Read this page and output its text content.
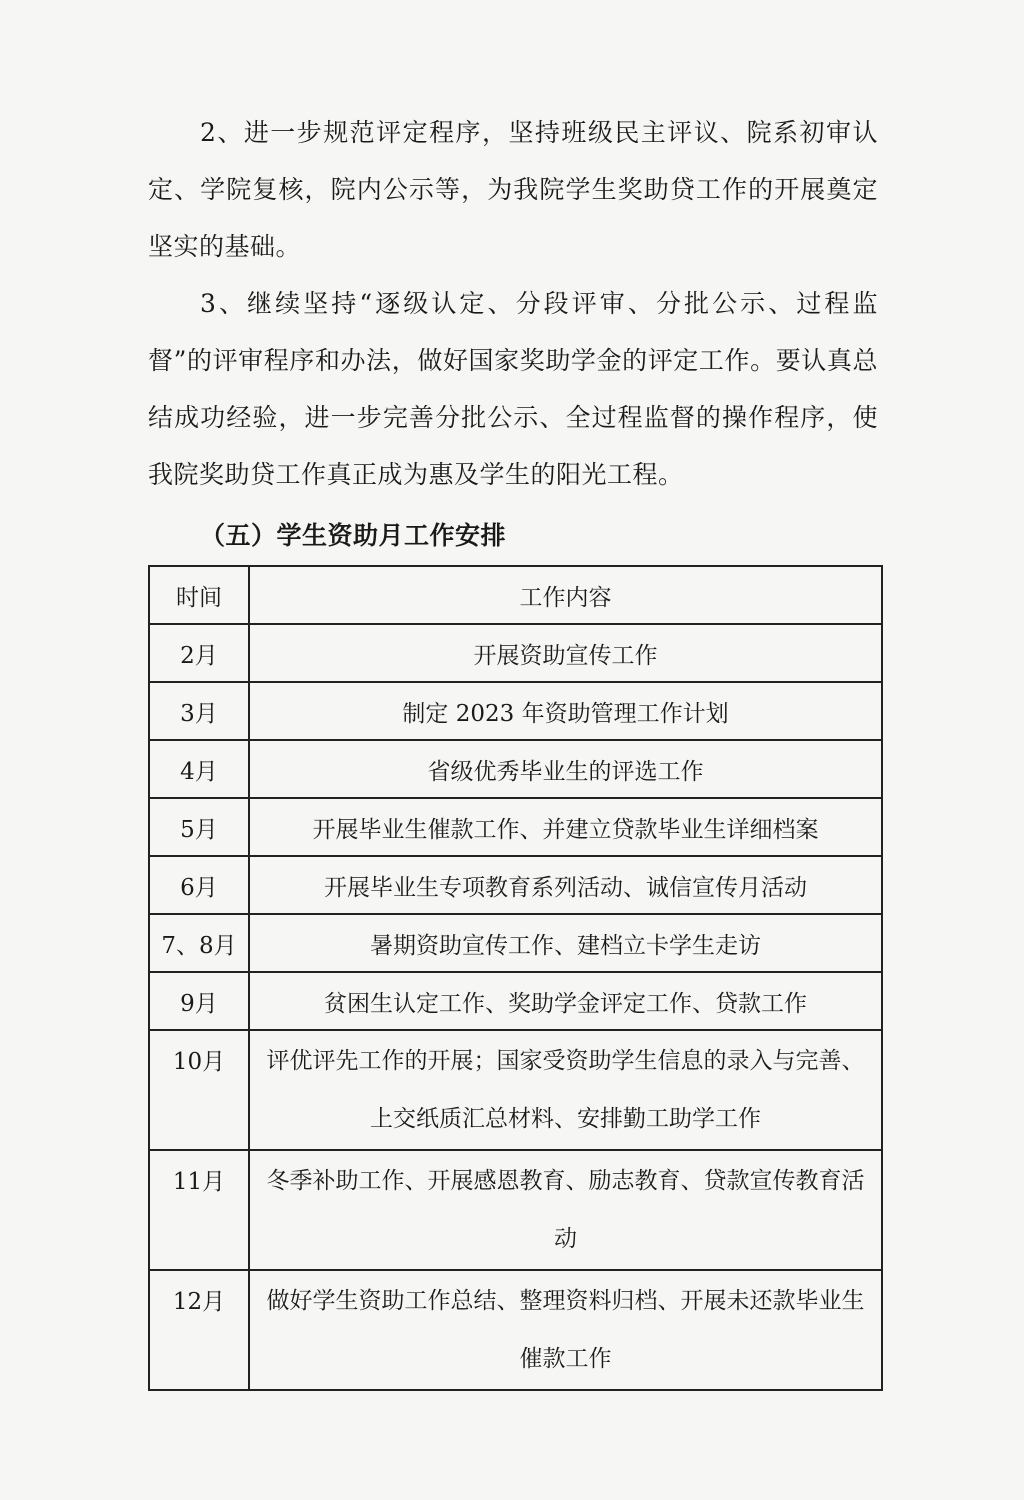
2、进一步规范评定程序，坚持班级民主评议、院系初审认定、学院复核，院内公示等，为我院学生奖助贷工作的开展奠定坚实的基础。

3、继续坚持“逐级认定、分段评审、分批公示、过程监督”的评审程序和办法，做好国家奖助学金的评定工作。要认真总结成功经验，进一步完善分批公示、全过程监督的操作程序，使我院奖助贷工作真正成为惠及学生的阳光工程。

（五）学生资助月工作安排
时间	工作内容
2月	开展资助宣传工作
3月	制定 2023 年资助管理工作计划
4月	省级优秀毕业生的评选工作
5月	开展毕业生催款工作、并建立贷款毕业生详细档案
6月	开展毕业生专项教育系列活动、诚信宣传月活动
7、8月	暑期资助宣传工作、建档立卡学生走访
9月	贫困生认定工作、奖助学金评定工作、贷款工作
10月	评优评先工作的开展；国家受资助学生信息的录入与完善、上交纸质汇总材料、安排勤工助学工作
11月	冬季补助工作、开展感恩教育、励志教育、贷款宣传教育活动
12月	做好学生资助工作总结、整理资料归档、开展未还款毕业生催款工作
